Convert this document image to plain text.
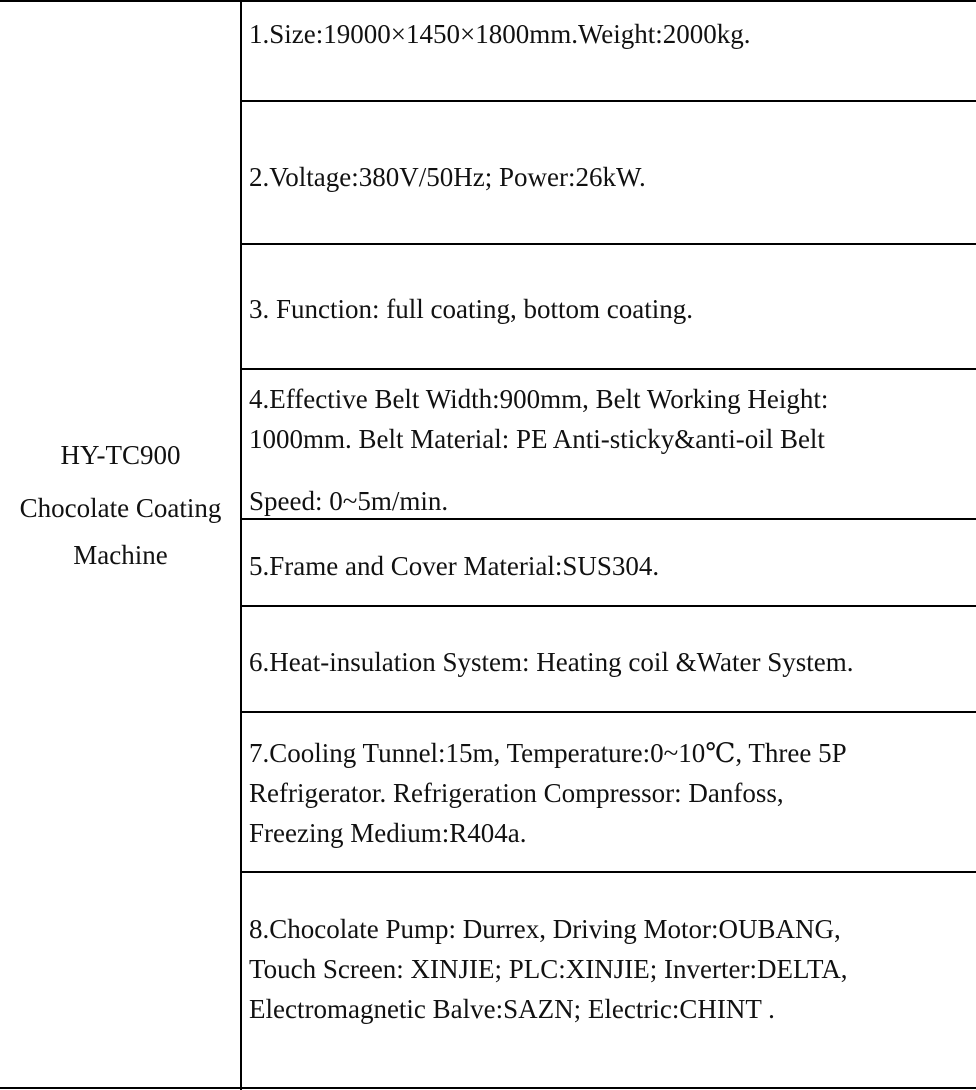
HY-TC900
Chocolate Coating
Machine
1.Size:19000×1450×1800mm.Weight:2000kg.
2.Voltage:380V/50Hz; Power:26kW.
3. Function: full coating, bottom coating.
4.Effective Belt Width:900mm, Belt Working Height:
1000mm. Belt Material: PE Anti-sticky&anti-oil Belt
Speed: 0~5m/min.
5.Frame and Cover Material:SUS304.
6.Heat-insulation System: Heating coil &Water System.
7.Cooling Tunnel:15m, Temperature:0~10℃, Three 5P
Refrigerator. Refrigeration Compressor: Danfoss,
Freezing Medium:R404a.
8.Chocolate Pump: Durrex, Driving Motor:OUBANG,
Touch Screen: XINJIE; PLC:XINJIE; Inverter:DELTA,
Electromagnetic Balve:SAZN; Electric:CHINT .
